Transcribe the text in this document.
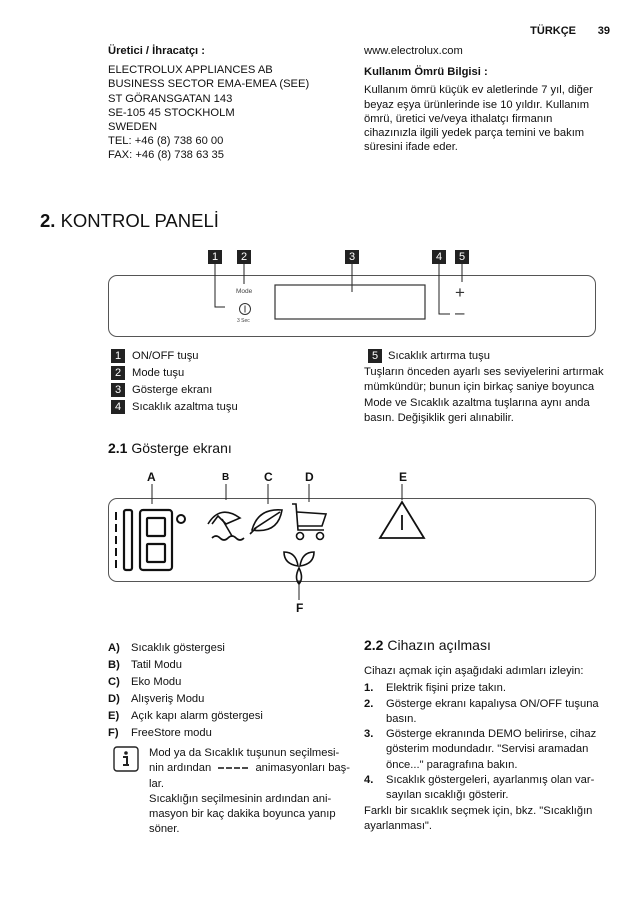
TÜRKÇE 39
Üretici / İhracatçı :
ELECTROLUX APPLIANCES AB
BUSINESS SECTOR EMA-EMEA (SEE)
ST GÖRANSGATAN 143
SE-105 45 STOCKHOLM
SWEDEN
TEL: +46 (8) 738 60 00
FAX: +46 (8) 738 63 35
www.electrolux.com
Kullanım Ömrü Bilgisi :
Kullanım ömrü küçük ev aletlerinde 7 yıl, diğer
beyaz eşya ürünlerinde ise 10 yıldır. Kullanım
ömrü, üretici ve/veya ithalatçı firmanın
cihazınızla ilgili yedek parça temini ve bakım
süresini ifade eder.
2. KONTROL PANELİ
1	2	3	4	5
Mode
3 Sec
+
–
1 ON/OFF tuşu
2 Mode tuşu
3 Gösterge ekranı
4 Sıcaklık azaltma tuşu
5 Sıcaklık artırma tuşu
Tuşların önceden ayarlı ses seviyelerini artırmak
mümkündür; bunun için birkaç saniye boyunca
Mode ve Sıcaklık azaltma tuşlarına aynı anda
basın. Değişiklik geri alınabilir.
2.1 Gösterge ekranı
A	B	C	D	E
F
A) Sıcaklık göstergesi
B) Tatil Modu
C) Eko Modu
D) Alışveriş Modu
E) Açık kapı alarm göstergesi
F) FreeStore modu
Mod ya da Sıcaklık tuşunun seçilmesi-
nin ardından	animasyonları baş-
lar.
Sıcaklığın seçilmesinin ardından ani-
masyon bir kaç dakika boyunca yanıp
söner.
2.2 Cihazın açılması
Cihazı açmak için aşağıdaki adımları izleyin:
1.	Elektrik fişini prize takın.
2.	Gösterge ekranı kapalıysa ON/OFF tuşuna
basın.
3.	Gösterge ekranında DEMO belirirse, cihaz
gösterim modundadır. "Servisi aramadan
önce..." paragrafına bakın.
4.	Sıcaklık göstergeleri, ayarlanmış olan var-
sayılan sıcaklığı gösterir.
Farklı bir sıcaklık seçmek için, bkz. "Sıcaklığın
ayarlanması".
